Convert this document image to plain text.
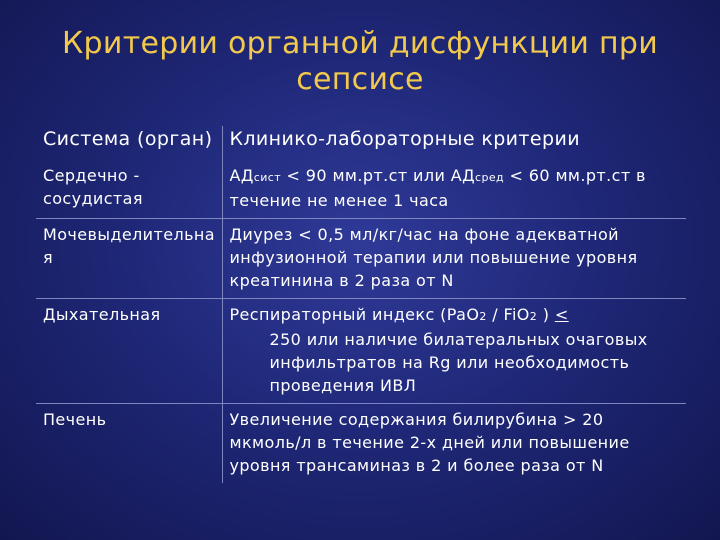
Критерии органной дисфункции при
сепсисе
Система (орган)	Клинико-лабораторные критерии
Сердечно - сосудистая	АДсист < 90 мм.рт.ст или АДсред < 60 мм.рт.ст в течение не менее 1 часа
Мочевыделительная	Диурез < 0,5 мл/кг/час на фоне адекватной инфузионной терапии или повышение уровня креатинина в 2 раза от N
Дыхательная	Респираторный индекс (PaO2 / FiO2 ) <
250 или наличие билатеральных очаговых инфильтратов на Rg или необходимость проведения ИВЛ

Печень	Увеличение содержания билирубина > 20 мкмоль/л в течение 2-х дней или повышение уровня трансаминаз в 2 и более раза от N
